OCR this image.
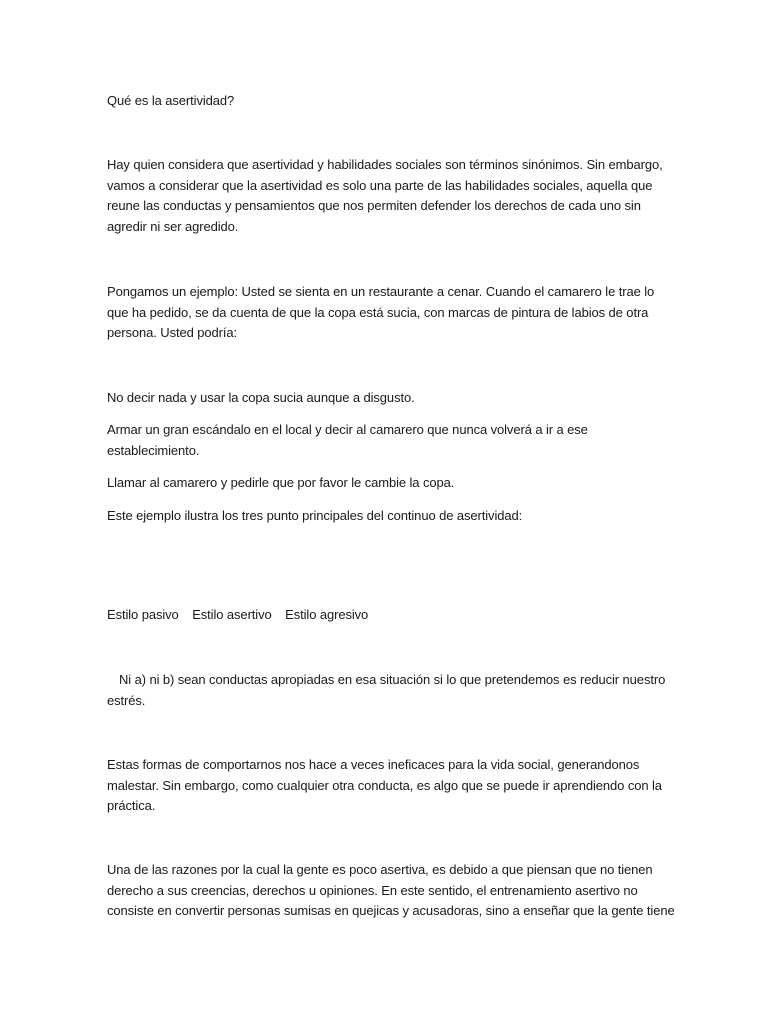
Qué es la asertividad?
Hay quien considera que asertividad y habilidades sociales son términos sinónimos. Sin embargo,
vamos a considerar que la asertividad es solo una parte de las habilidades sociales, aquella que
reune las conductas y pensamientos que nos permiten defender los derechos de cada uno sin
agredir ni ser agredido.
Pongamos un ejemplo: Usted se sienta en un restaurante a cenar. Cuando el camarero le trae lo
que ha pedido, se da cuenta de que la copa está sucia, con marcas de pintura de labios de otra
persona. Usted podría:
No decir nada y usar la copa sucia aunque a disgusto.
Armar un gran escándalo en el local y decir al camarero que nunca volverá a ir a ese
establecimiento.
Llamar al camarero y pedirle que por favor le cambie la copa.
Este ejemplo ilustra los tres punto principales del continuo de asertividad:
Estilo pasivo Estilo asertivo Estilo agresivo
Ni a) ni b) sean conductas apropiadas en esa situación si lo que pretendemos es reducir nuestro
estrés.
Estas formas de comportarnos nos hace a veces ineficaces para la vida social, generandonos
malestar. Sin embargo, como cualquier otra conducta, es algo que se puede ir aprendiendo con la
práctica.
Una de las razones por la cual la gente es poco asertiva, es debido a que piensan que no tienen
derecho a sus creencias, derechos u opiniones. En este sentido, el entrenamiento asertivo no
consiste en convertir personas sumisas en quejicas y acusadoras, sino a enseñar que la gente tiene
